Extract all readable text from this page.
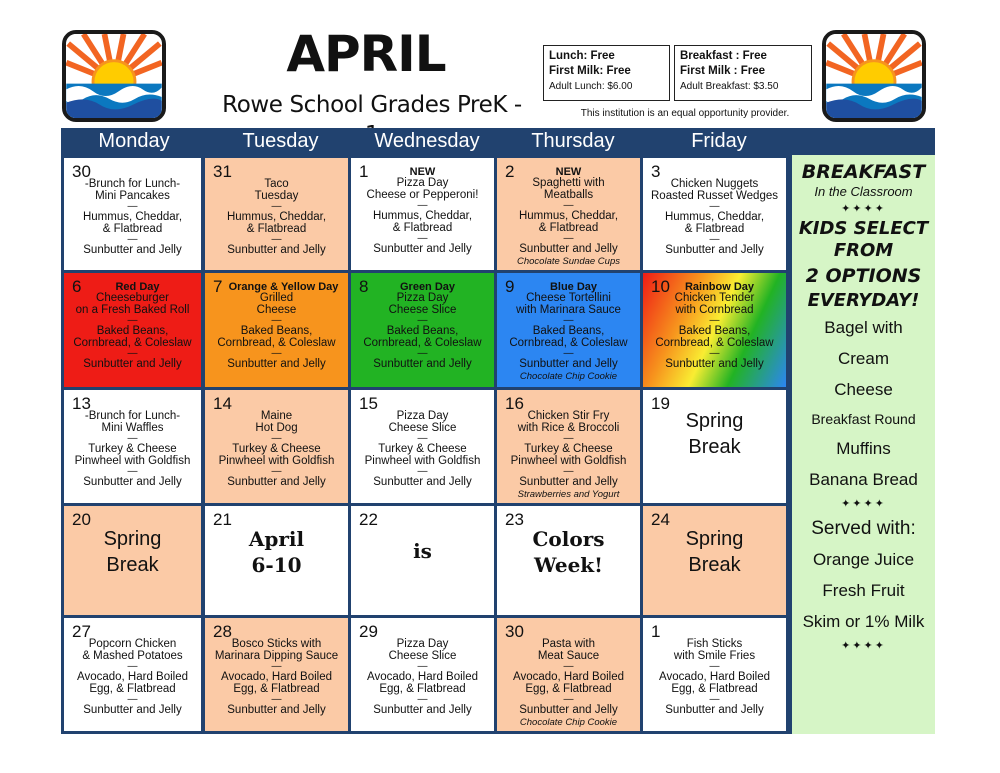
APRIL
Rowe School Grades PreK -
Lunch: Free
First Milk: Free
Adult Lunch: $6.00
Breakfast : Free
First Milk : Free
Adult Breakfast: $3.50
This institution is an equal opportunity provider.
Monday	Tuesday	Wednesday	Thursday	Friday
BREAKFAST
In the Classroom
✦✦✦✦
KIDS SELECT
FROM
2 OPTIONS
EVERYDAY!
Bagel with
Cream
Cheese
Breakfast Round
Muffins
Banana Bread
✦✦✦✦
Served with:
Orange Juice
Fresh Fruit
Skim or 1% Milk
✦✦✦✦
30
-Brunch for Lunch-
Mini Pancakes
—
Hummus, Cheddar,
& Flatbread
—
Sunbutter and Jelly
31
Taco
Tuesday
—
Hummus, Cheddar,
& Flatbread
—
Sunbutter and Jelly
1	NEW
Pizza Day
Cheese or Pepperoni!
—
Hummus, Cheddar,
& Flatbread
—
Sunbutter and Jelly
2	NEW
Spaghetti with
Meatballs
—
Hummus, Cheddar,
& Flatbread
—
Sunbutter and Jelly
Chocolate Sundae Cups
3
Chicken Nuggets
Roasted Russet Wedges
—
Hummus, Cheddar,
& Flatbread
—
Sunbutter and Jelly
6	Red Day
Cheeseburger
on a Fresh Baked Roll
—
Baked Beans,
Cornbread, & Coleslaw
—
Sunbutter and Jelly
7 Orange & Yellow Day
Grilled
Cheese
—
Baked Beans,
Cornbread, & Coleslaw
—
Sunbutter and Jelly
8	Green Day
Pizza Day
Cheese Slice
—
Baked Beans,
Cornbread, & Coleslaw
—
Sunbutter and Jelly
9	Blue Day
Cheese Tortellini
with Marinara Sauce
—
Baked Beans,
Cornbread, & Coleslaw
—
Sunbutter and Jelly
Chocolate Chip Cookie
10	Rainbow Day
Chicken Tender
with Cornbread
—
Baked Beans,
Cornbread, & Coleslaw
—
Sunbutter and Jelly
13
-Brunch for Lunch-
Mini Waffles
—
Turkey & Cheese
Pinwheel with Goldfish
—
Sunbutter and Jelly
14
Maine
Hot Dog
—
Turkey & Cheese
Pinwheel with Goldfish
—
Sunbutter and Jelly
15
Pizza Day
Cheese Slice
—
Turkey & Cheese
Pinwheel with Goldfish
—
Sunbutter and Jelly
16
Chicken Stir Fry
with Rice & Broccoli
—
Turkey & Cheese
Pinwheel with Goldfish
—
Sunbutter and Jelly
Strawberries and Yogurt
19
Spring
Break
20
Spring
Break
21
April
6-10
22
is
23
Colors
Week!
24
Spring
Break
27
Popcorn Chicken
& Mashed Potatoes
—
Avocado, Hard Boiled
Egg, & Flatbread
—
Sunbutter and Jelly
28
Bosco Sticks with
Marinara Dipping Sauce
—
Avocado, Hard Boiled
Egg, & Flatbread
—
Sunbutter and Jelly
29
Pizza Day
Cheese Slice
—
Avocado, Hard Boiled
Egg, & Flatbread
—
Sunbutter and Jelly
30
Pasta with
Meat Sauce
—
Avocado, Hard Boiled
Egg, & Flatbread
—
Sunbutter and Jelly
Chocolate Chip Cookie
1
Fish Sticks
with Smile Fries
—
Avocado, Hard Boiled
Egg, & Flatbread
—
Sunbutter and Jelly
